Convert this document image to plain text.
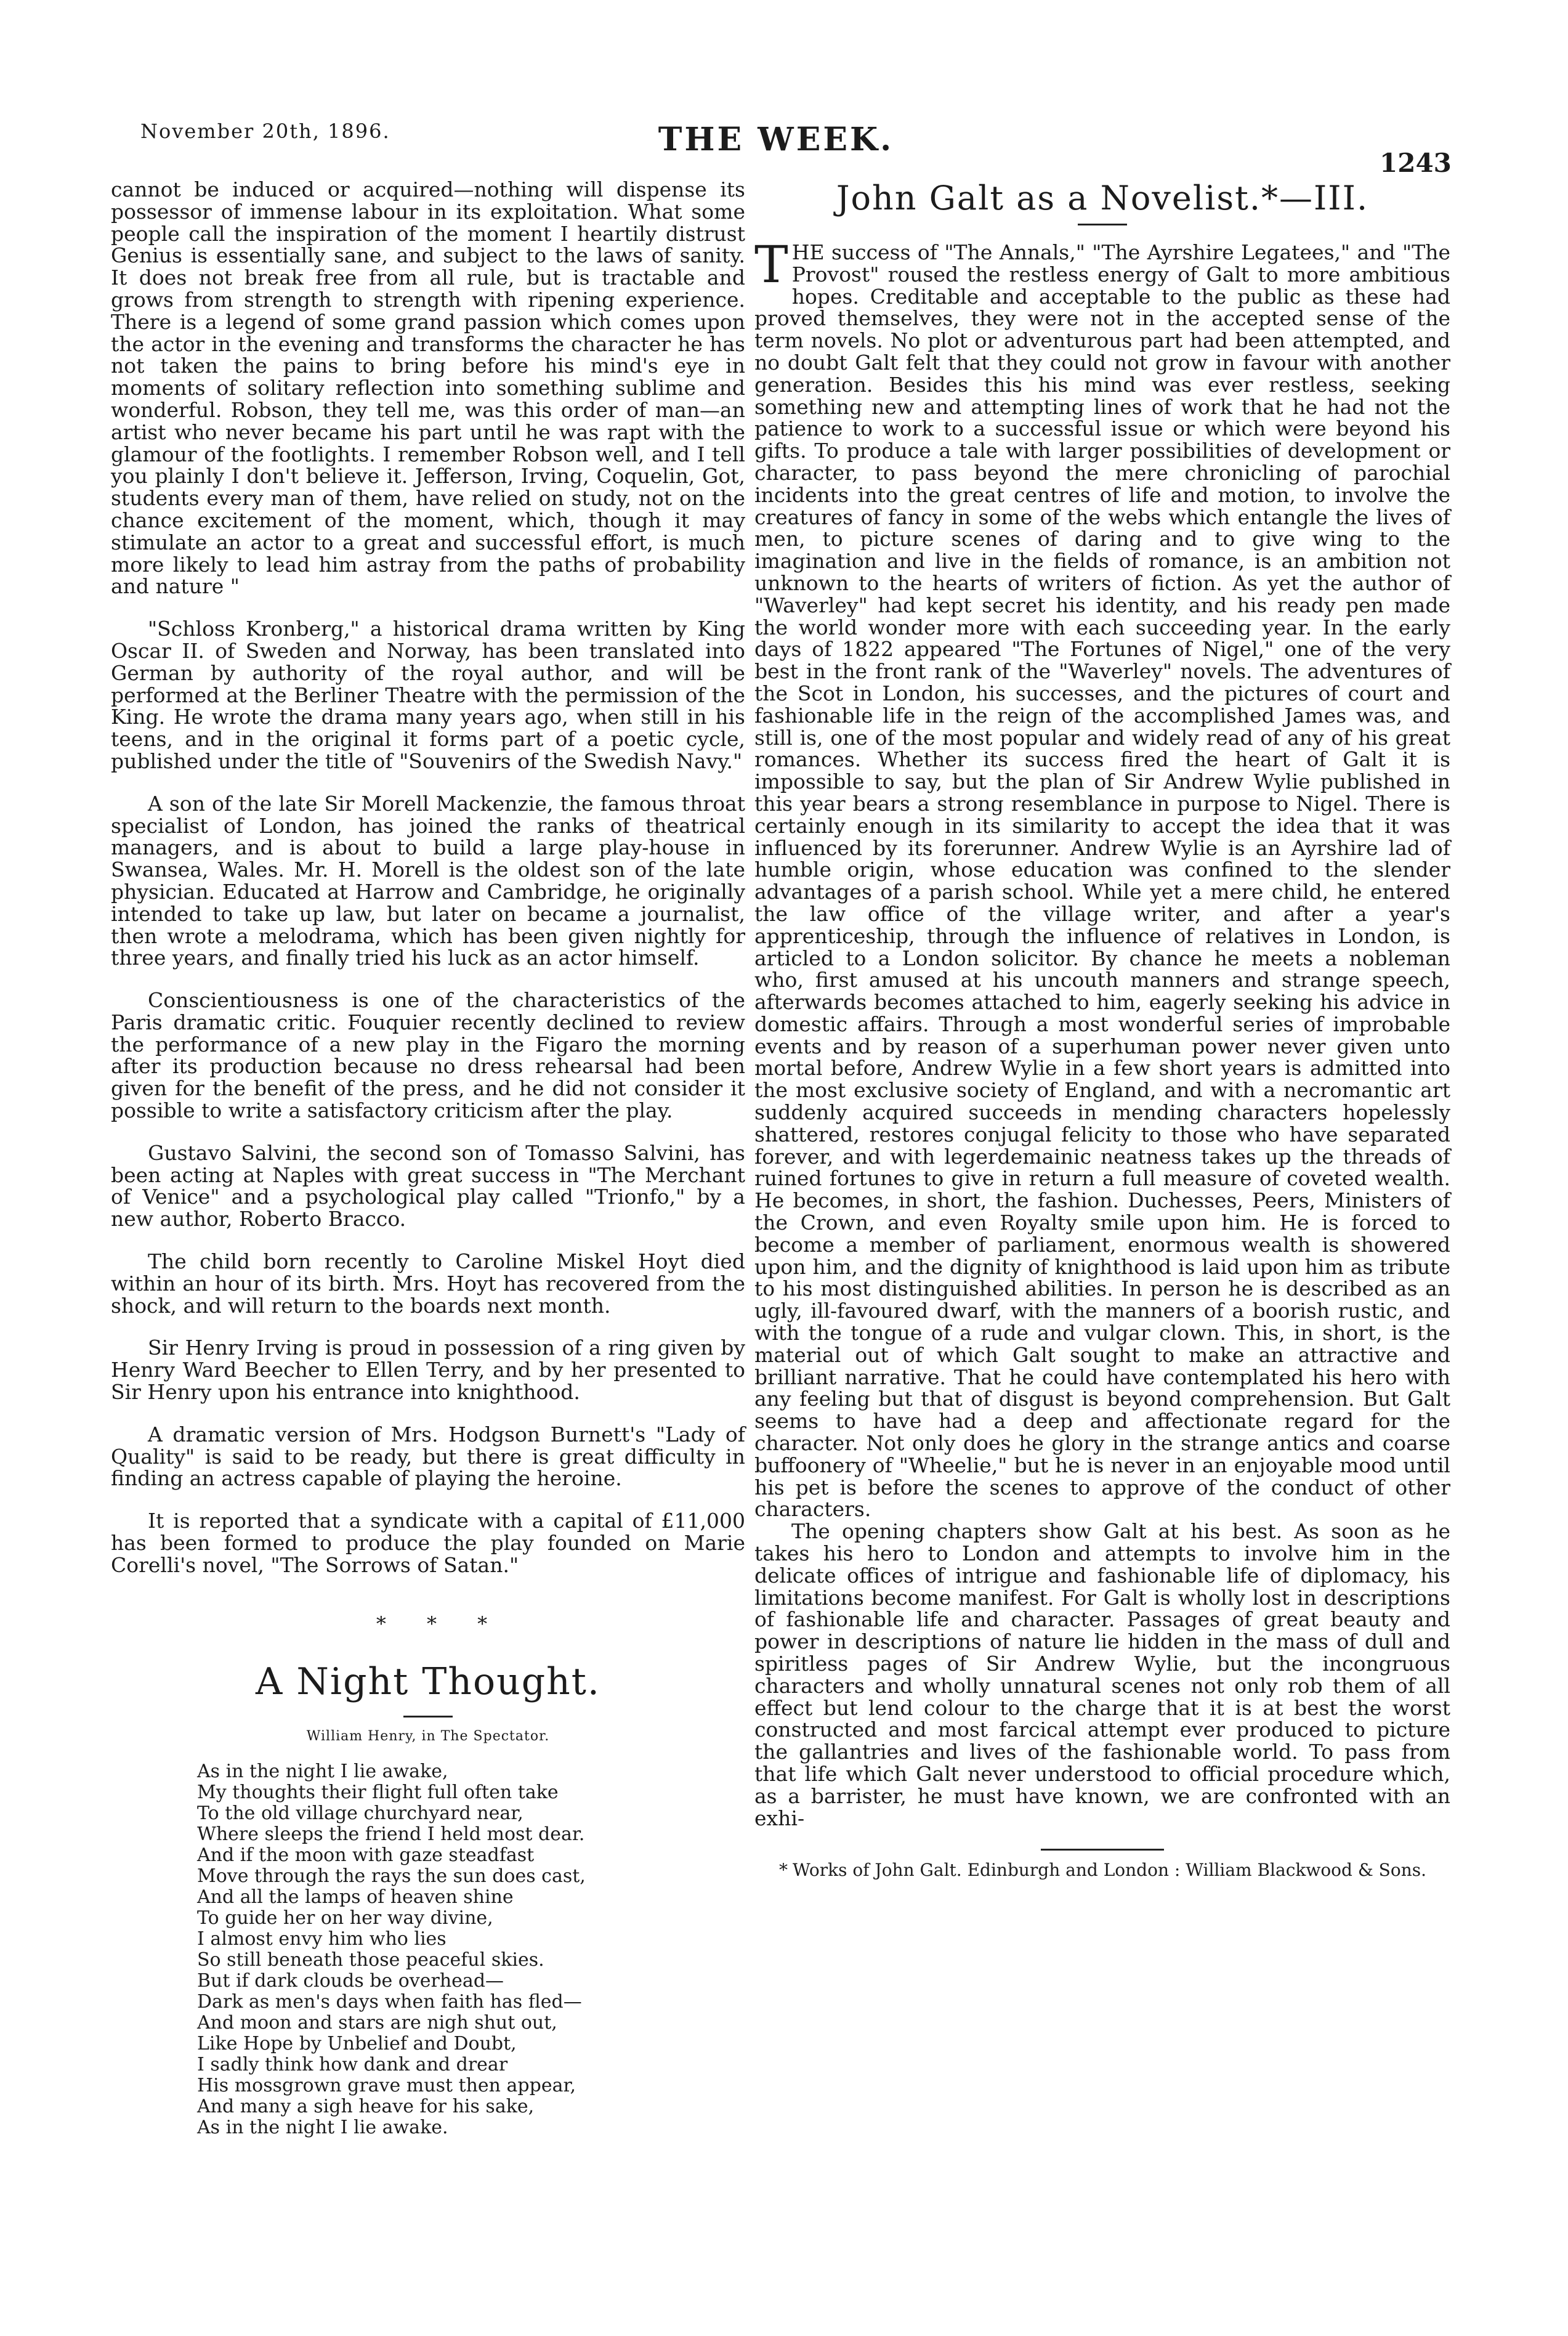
November 20th, 1896.	THE WEEK.
1243

cannot be induced or acquired—nothing will dispense its possessor of immense labour in its exploitation. What some people call the inspiration of the moment I heartily distrust Genius is essentially sane, and subject to the laws of sanity. It does not break free from all rule, but is tractable and grows from strength to strength with ripening experience. There is a legend of some grand passion which comes upon the actor in the evening and transforms the character he has not taken the pains to bring before his mind's eye in moments of solitary reflection into something sublime and wonderful. Robson, they tell me, was this order of man—an artist who never became his part until he was rapt with the glamour of the footlights. I remember Robson well, and I tell you plainly I don't believe it. Jefferson, Irving, Coquelin, Got, students every man of them, have relied on study, not on the chance excitement of the moment, which, though it may stimulate an actor to a great and successful effort, is much more likely to lead him astray from the paths of probability and nature "

"Schloss Kronberg," a historical drama written by King Oscar II. of Sweden and Norway, has been translated into German by authority of the royal author, and will be performed at the Berliner Theatre with the permission of the King. He wrote the drama many years ago, when still in his teens, and in the original it forms part of a poetic cycle, published under the title of "Souvenirs of the Swedish Navy."

A son of the late Sir Morell Mackenzie, the famous throat specialist of London, has joined the ranks of theatrical managers, and is about to build a large play-house in Swansea, Wales. Mr. H. Morell is the oldest son of the late physician. Educated at Harrow and Cambridge, he originally intended to take up law, but later on became a journalist, then wrote a melodrama, which has been given nightly for three years, and finally tried his luck as an actor himself.

Conscientiousness is one of the characteristics of the Paris dramatic critic. Fouquier recently declined to review the performance of a new play in the Figaro the morning after its production because no dress rehearsal had been given for the benefit of the press, and he did not consider it possible to write a satisfactory criticism after the play.

Gustavo Salvini, the second son of Tomasso Salvini, has been acting at Naples with great success in "The Merchant of Venice" and a psychological play called "Trionfo," by a new author, Roberto Bracco.

The child born recently to Caroline Miskel Hoyt died within an hour of its birth. Mrs. Hoyt has recovered from the shock, and will return to the boards next month.

Sir Henry Irving is proud in possession of a ring given by Henry Ward Beecher to Ellen Terry, and by her presented to Sir Henry upon his entrance into knighthood.

A dramatic version of Mrs. Hodgson Burnett's "Lady of Quality" is said to be ready, but there is great difficulty in finding an actress capable of playing the heroine.

It is reported that a syndicate with a capital of £11,000 has been formed to produce the play founded on Marie Corelli's novel, "The Sorrows of Satan."

* * *
A Night Thought.

William Henry, in The Spectator.

As in the night I lie awake,
My thoughts their flight full often take
To the old village churchyard near,
Where sleeps the friend I held most dear.
And if the moon with gaze steadfast
Move through the rays the sun does cast,
And all the lamps of heaven shine
To guide her on her way divine,
I almost envy him who lies
So still beneath those peaceful skies.
But if dark clouds be overhead—
Dark as men's days when faith has fled—
And moon and stars are nigh shut out,
Like Hope by Unbelief and Doubt,
I sadly think how dank and drear
His mossgrown grave must then appear,
And many a sigh heave for his sake,
As in the night I lie awake.
John Galt as a Novelist.*—III.

THE success of "The Annals," "The Ayrshire Legatees," and "The Provost" roused the restless energy of Galt to more ambitious hopes. Creditable and acceptable to the public as these had proved themselves, they were not in the accepted sense of the term novels. No plot or adventurous part had been attempted, and no doubt Galt felt that they could not grow in favour with another generation. Besides this his mind was ever restless, seeking something new and attempting lines of work that he had not the patience to work to a successful issue or which were beyond his gifts. To produce a tale with larger possibilities of development or character, to pass beyond the mere chronicling of parochial incidents into the great centres of life and motion, to involve the creatures of fancy in some of the webs which entangle the lives of men, to picture scenes of daring and to give wing to the imagination and live in the fields of romance, is an ambition not unknown to the hearts of writers of fiction. As yet the author of "Waverley" had kept secret his identity, and his ready pen made the world wonder more with each succeeding year. In the early days of 1822 appeared "The Fortunes of Nigel," one of the very best in the front rank of the "Waverley" novels. The adventures of the Scot in London, his successes, and the pictures of court and fashionable life in the reign of the accomplished James was, and still is, one of the most popular and widely read of any of his great romances. Whether its success fired the heart of Galt it is impossible to say, but the plan of Sir Andrew Wylie published in this year bears a strong resemblance in purpose to Nigel. There is certainly enough in its similarity to accept the idea that it was influenced by its forerunner. Andrew Wylie is an Ayrshire lad of humble origin, whose education was confined to the slender advantages of a parish school. While yet a mere child, he entered the law office of the village writer, and after a year's apprenticeship, through the influence of relatives in London, is articled to a London solicitor. By chance he meets a nobleman who, first amused at his uncouth manners and strange speech, afterwards becomes attached to him, eagerly seeking his advice in domestic affairs. Through a most wonderful series of improbable events and by reason of a superhuman power never given unto mortal before, Andrew Wylie in a few short years is admitted into the most exclusive society of England, and with a necromantic art suddenly acquired succeeds in mending characters hopelessly shattered, restores conjugal felicity to those who have separated forever, and with legerdemainic neatness takes up the threads of ruined fortunes to give in return a full measure of coveted wealth. He becomes, in short, the fashion. Duchesses, Peers, Ministers of the Crown, and even Royalty smile upon him. He is forced to become a member of parliament, enormous wealth is showered upon him, and the dignity of knighthood is laid upon him as tribute to his most distinguished abilities. In person he is described as an ugly, ill-favoured dwarf, with the manners of a boorish rustic, and with the tongue of a rude and vulgar clown. This, in short, is the material out of which Galt sought to make an attractive and brilliant narrative. That he could have contemplated his hero with any feeling but that of disgust is beyond comprehension. But Galt seems to have had a deep and affectionate regard for the character. Not only does he glory in the strange antics and coarse buffoonery of "Wheelie," but he is never in an enjoyable mood until his pet is before the scenes to approve of the conduct of other characters.

The opening chapters show Galt at his best. As soon as he takes his hero to London and attempts to involve him in the delicate offices of intrigue and fashionable life of diplomacy, his limitations become manifest. For Galt is wholly lost in descriptions of fashionable life and character. Passages of great beauty and power in descriptions of nature lie hidden in the mass of dull and spiritless pages of Sir Andrew Wylie, but the incongruous characters and wholly unnatural scenes not only rob them of all effect but lend colour to the charge that it is at best the worst constructed and most farcical attempt ever produced to picture the gallantries and lives of the fashionable world. To pass from that life which Galt never understood to official procedure which, as a barrister, he must have known, we are confronted with an exhi-

* Works of John Galt. Edinburgh and London : William Blackwood & Sons.
